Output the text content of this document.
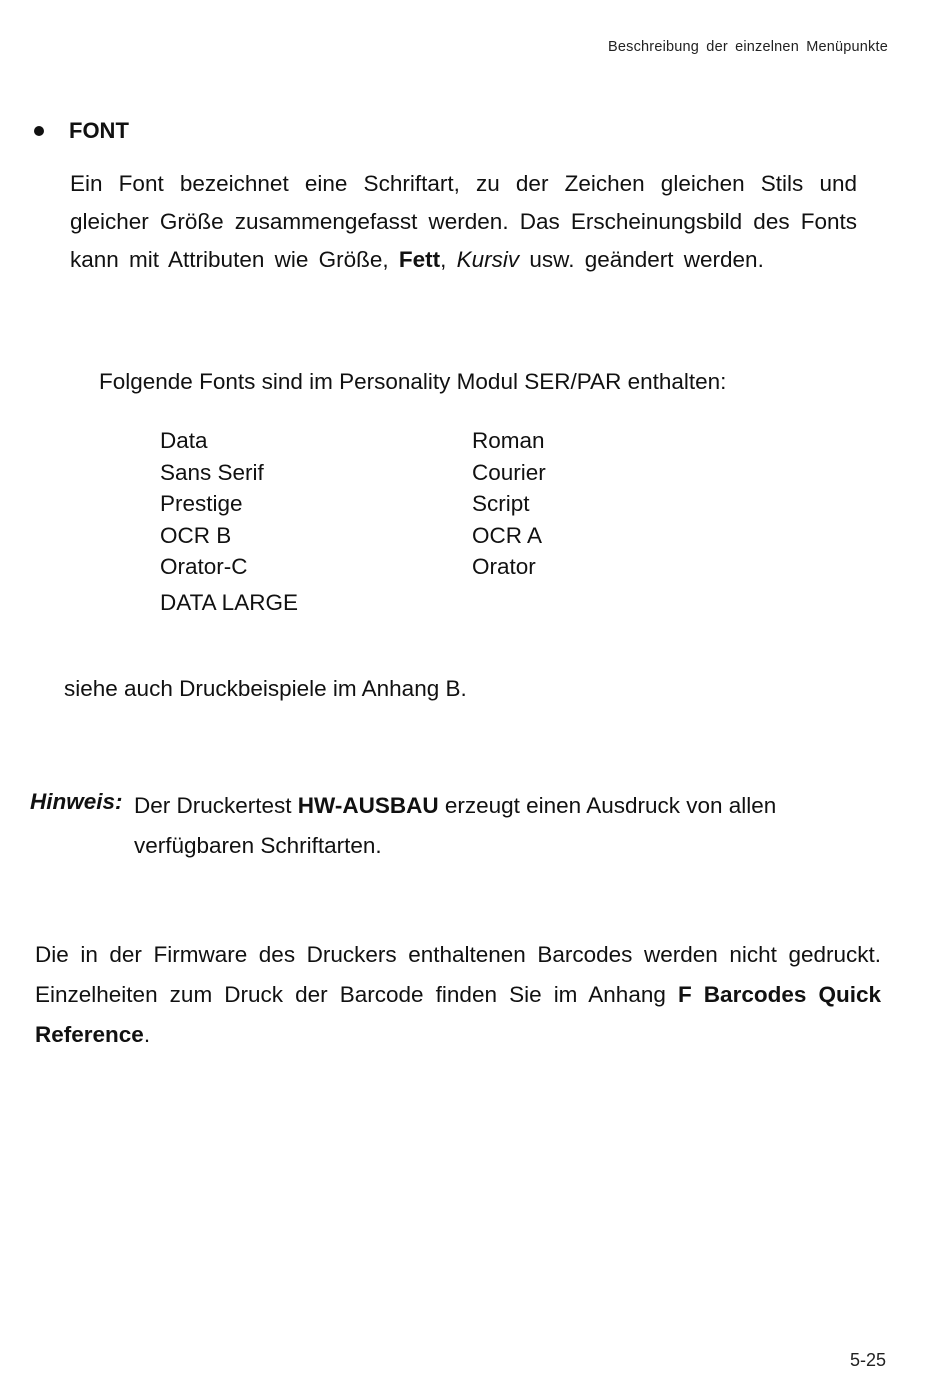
Beschreibung der einzelnen Menüpunkte
FONT
Ein Font bezeichnet eine Schriftart, zu der Zeichen gleichen Stils und gleicher Größe zusammengefasst werden. Das Erscheinungsbild des Fonts kann mit Attributen wie Größe, Fett, Kursiv usw. geändert werden.
Folgende Fonts sind im Personality Modul SER/PAR enthalten:
Data	Roman
Sans Serif	Courier
Prestige	Script
OCR B	OCR A
Orator-C	Orator
DATA LARGE
siehe auch Druckbeispiele im Anhang B.
Hinweis: Der Druckertest HW-AUSBAU erzeugt einen Ausdruck von allen verfügbaren Schriftarten.
Die in der Firmware des Druckers enthaltenen Barcodes werden nicht gedruckt. Einzelheiten zum Druck der Barcode finden Sie im Anhang F Barcodes Quick Reference.
5-25
